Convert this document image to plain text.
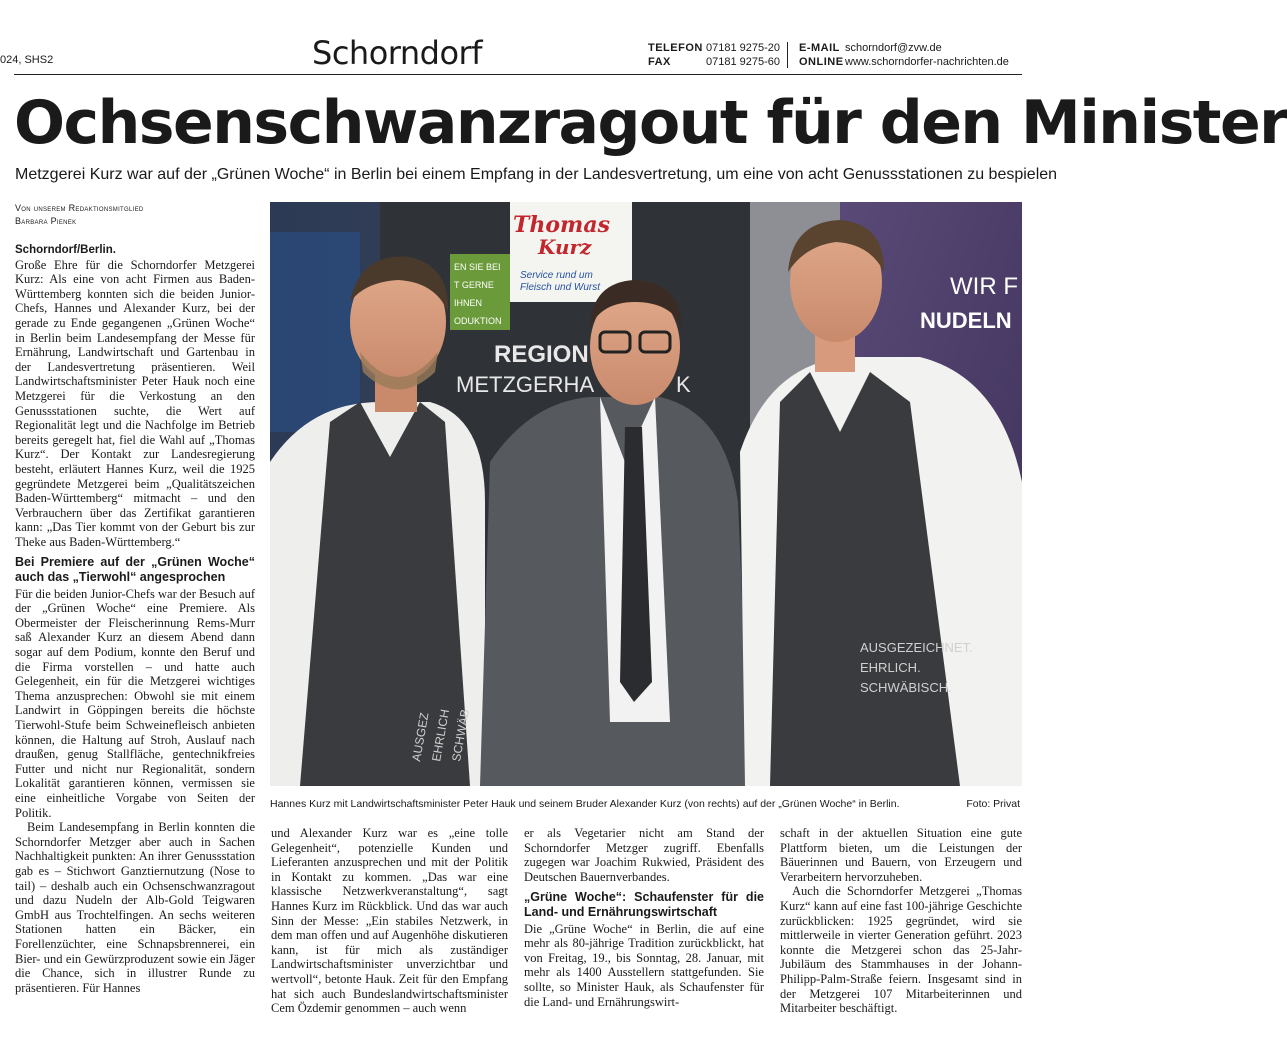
024, SHS2	Schorndorf	TELEFON 07181 9275-20
FAX	07181 9275-60
E-MAIL schorndorf@zvw.de
ONLINEwww.schorndorfer-nachrichten.de
Ochsenschwanzragout für den Minister
Metzgerei Kurz war auf der „Grünen Woche“ in Berlin bei einem Empfang in der Landesvertretung, um eine von acht Genussstationen zu bespielen
Von unserem Redaktionsmitglied
Barbara Pienek

Schorndorf/Berlin.
Große Ehre für die Schorndorfer Metzgerei Kurz: Als eine von acht Firmen aus Baden-Württemberg konnten sich die beiden Junior-Chefs, Hannes und Alexander Kurz, bei der gerade zu Ende gegangenen „Grünen Woche“ in Berlin beim Landesempfang der Messe für Ernährung, Landwirtschaft und Gartenbau in der Landesvertretung präsentieren. Weil Landwirtschaftsminister Peter Hauk noch eine Metzgerei für die Verkostung an den Genussstationen suchte, die Wert auf Regionalität legt und die Nachfolge im Betrieb bereits geregelt hat, fiel die Wahl auf „Thomas Kurz“. Der Kontakt zur Landesregierung besteht, erläutert Hannes Kurz, weil die 1925 gegründete Metzgerei beim „Qualitätszeichen Baden-Württemberg“ mitmacht – und den Verbrauchern über das Zertifikat garantieren kann: „Das Tier kommt von der Geburt bis zur Theke aus Baden-Württemberg.“

Bei Premiere auf der „Grünen Woche“ auch das „Tierwohl“ angesprochen

Für die beiden Junior-Chefs war der Besuch auf der „Grünen Woche“ eine Premiere. Als Obermeister der Fleischerinnung Rems-Murr saß Alexander Kurz an diesem Abend dann sogar auf dem Podium, konnte den Beruf und die Firma vorstellen – und hatte auch Gelegenheit, ein für die Metzgerei wichtiges Thema anzusprechen: Obwohl sie mit einem Landwirt in Göppingen bereits die höchste Tierwohl-Stufe beim Schweinefleisch anbieten können, die Haltung auf Stroh, Auslauf nach draußen, genug Stallfläche, gentechnikfreies Futter und nicht nur Regionalität, sondern Lokalität garantieren können, vermissen sie eine einheitliche Vorgabe von Seiten der Politik.

Beim Landesempfang in Berlin konnten die Schorndorfer Metzger aber auch in Sachen Nachhaltigkeit punkten: An ihrer Genussstation gab es – Stichwort Ganztiernutzung (Nose to tail) – deshalb auch ein Ochsenschwanzragout und dazu Nudeln der Alb-Gold Teigwaren GmbH aus Trochtelfingen. An sechs weiteren Stationen hatten ein Bäcker, ein Forellenzüchter, eine Schnapsbrennerei, ein Bier- und ein Gewürzproduzent sowie ein Jäger die Chance, sich in illustrer Runde zu präsentieren. Für Hannes

Thomas
Kurz
Service rund um
Fleisch und Wurst
EN SIE BEI
T GERNE
IHNEN
ODUKTION
REGION
METZGERHA	K
WIR F
NUDELN
AUSGEZ
EHRLICH
SCHWÄB
AUSGEZEICHNET.
EHRLICH.
SCHWÄBISCH.
Hannes Kurz mit Landwirtschaftsminister Peter Hauk und seinem Bruder Alexander Kurz (von rechts) auf der „Grünen Woche“ in Berlin.	Foto: Privat

und Alexander Kurz war es „eine tolle Gelegenheit“, potenzielle Kunden und Lieferanten anzusprechen und mit der Politik in Kontakt zu kommen. „Das war eine klassische Netzwerkveranstaltung“, sagt Hannes Kurz im Rückblick. Und das war auch Sinn der Messe: „Ein stabiles Netzwerk, in dem man offen und auf Augenhöhe diskutieren kann, ist für mich als zuständiger Landwirtschaftsminister unverzichtbar und wertvoll“, betonte Hauk. Zeit für den Empfang hat sich auch Bundeslandwirtschaftsminister Cem Özdemir genommen – auch wenn

er als Vegetarier nicht am Stand der Schorndorfer Metzger zugriff. Ebenfalls zugegen war Joachim Rukwied, Präsident des Deutschen Bauernverbandes.

„Grüne Woche“: Schaufenster für die Land- und Ernährungswirtschaft

Die „Grüne Woche“ in Berlin, die auf eine mehr als 80-jährige Tradition zurückblickt, hat von Freitag, 19., bis Sonntag, 28. Januar, mit mehr als 1400 Ausstellern stattgefunden. Sie sollte, so Minister Hauk, als Schaufenster für die Land- und Ernährungswirt-

schaft in der aktuellen Situation eine gute Plattform bieten, um die Leistungen der Bäuerinnen und Bauern, von Erzeugern und Verarbeitern hervorzuheben.

Auch die Schorndorfer Metzgerei „Thomas Kurz“ kann auf eine fast 100-jährige Geschichte zurückblicken: 1925 gegründet, wird sie mittlerweile in vierter Generation geführt. 2023 konnte die Metzgerei schon das 25-Jahr-Jubiläum des Stammhauses in der Johann-Philipp-Palm-Straße feiern. Insgesamt sind in der Metzgerei 107 Mitarbeiterinnen und Mitarbeiter beschäftigt.
